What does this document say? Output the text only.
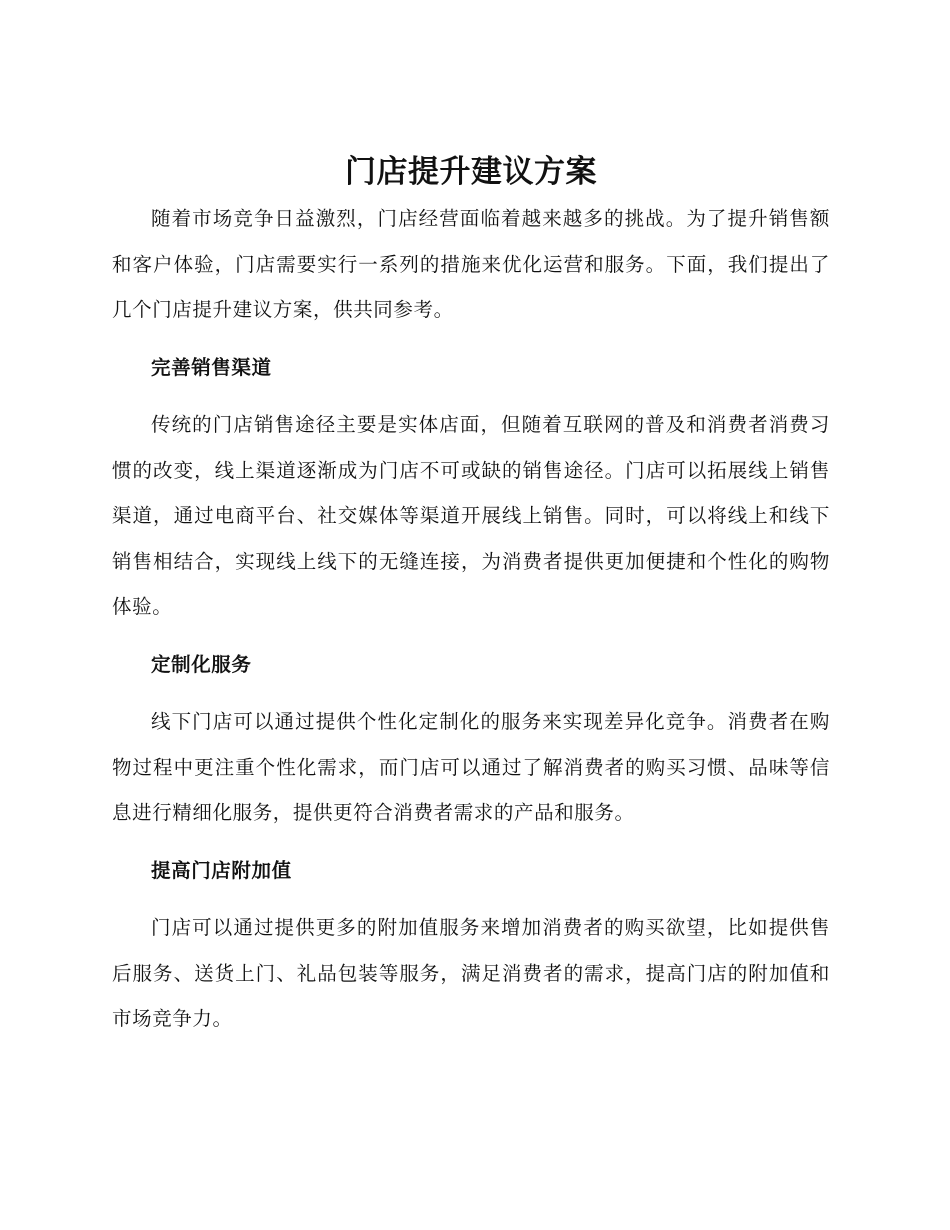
门店提升建议方案

随着市场竞争日益激烈，门店经营面临着越来越多的挑战。为了提升销售额和客户体验，门店需要实行一系列的措施来优化运营和服务。下面，我们提出了几个门店提升建议方案，供共同参考。

完善销售渠道

传统的门店销售途径主要是实体店面，但随着互联网的普及和消费者消费习惯的改变，线上渠道逐渐成为门店不可或缺的销售途径。门店可以拓展线上销售渠道，通过电商平台、社交媒体等渠道开展线上销售。同时，可以将线上和线下销售相结合，实现线上线下的无缝连接，为消费者提供更加便捷和个性化的购物体验。

定制化服务

线下门店可以通过提供个性化定制化的服务来实现差异化竞争。消费者在购物过程中更注重个性化需求，而门店可以通过了解消费者的购买习惯、品味等信息进行精细化服务，提供更符合消费者需求的产品和服务。

提高门店附加值

门店可以通过提供更多的附加值服务来增加消费者的购买欲望，比如提供售后服务、送货上门、礼品包装等服务，满足消费者的需求，提高门店的附加值和市场竞争力。
